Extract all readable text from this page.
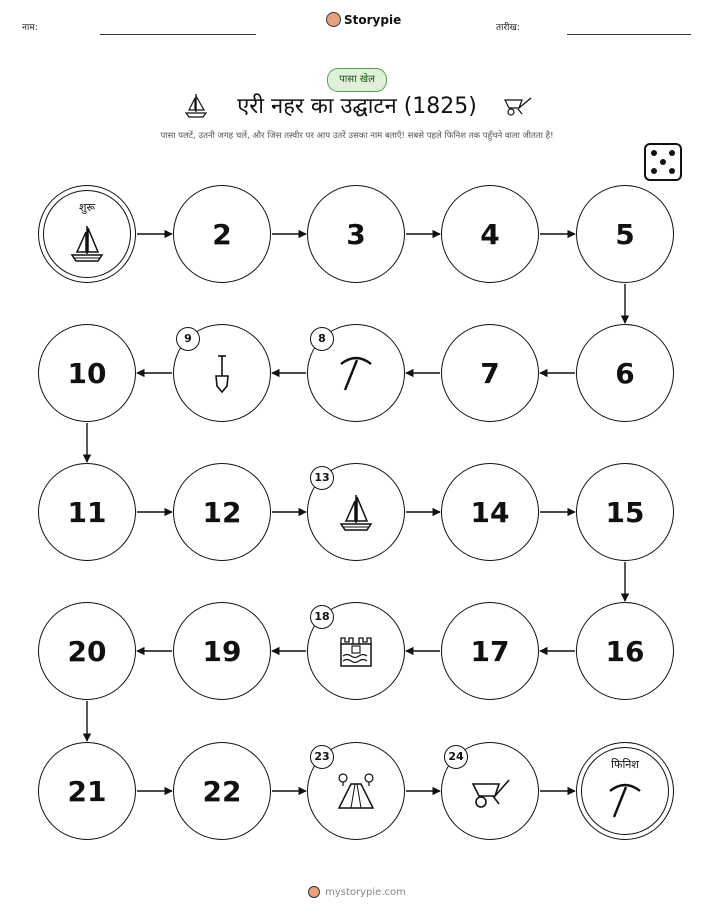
नाम:
Storypie
तारीख:
पासा खेल
एरी नहर का उद्घाटन (1825)
पासा पलटें, उतनी जगह चलें, और जिस तस्वीर पर आप उतरें उसका नाम बताएँ! सबसे पहले फिनिश तक पहुँचने वाला जीतता है!
शुरू
2	3	4	5
6
7
8
9
10
11	12
13
14	15
16
17
18
19
20
21	22
23	24
फिनिश
mystorypie.com
